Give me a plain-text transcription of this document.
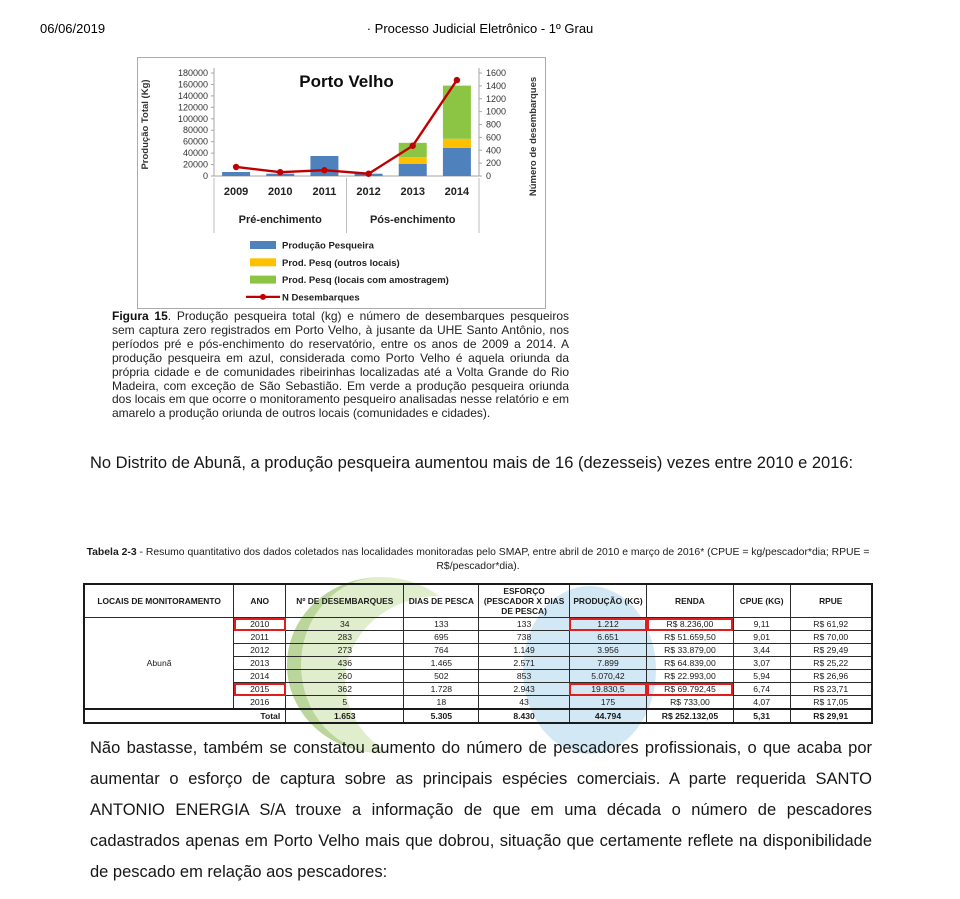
06/06/2019	· Processo Judicial Eletrônico - 1º Grau
0
20000
40000
60000
80000
100000
120000
140000
160000
180000
0
200
400
600
800
1000
1200
1400
1600
Porto Velho
Produção Total (Kg)	Número de desembarques
2009 2010 2011 2012 2013 2014
Pré-enchimento	Pós-enchimento
Produção Pesqueira
Prod. Pesq (outros locais)
Prod. Pesq (locais com amostragem)
N Desembarques
Figura 15. Produção pesqueira total (kg) e número de desembarques pesqueiros sem captura zero registrados em Porto Velho, à jusante da UHE Santo Antônio, nos períodos pré e pós-enchimento do reservatório, entre os anos de 2009 a 2014. A produção pesqueira em azul, considerada como Porto Velho é aquela oriunda da própria cidade e de comunidades ribeirinhas localizadas até a Volta Grande do Rio Madeira, com exceção de São Sebastião. Em verde a produção pesqueira oriunda dos locais em que ocorre o monitoramento pesqueiro analisadas nesse relatório e em amarelo a produção oriunda de outros locais (comunidades e cidades).
No Distrito de Abunã, a produção pesqueira aumentou mais de 16 (dezesseis) vezes entre 2010 e 2016:
Tabela 2-3 - Resumo quantitativo dos dados coletados nas localidades monitoradas pelo SMAP, entre abril de 2010 e março de 2016* (CPUE = kg/pescador*dia; RPUE = R$/pescador*dia).
LOCAIS DE MONITORAMENTO	ANO	Nº DE DESEMBARQUES	DIAS DE PESCA	ESFORÇO (PESCADOR X DIAS DE PESCA)	PRODUÇÃO (KG)	RENDA	CPUE (KG)	RPUE
Abunã	2010	34	133	133	1.212	R$ 8.236,00	9,11	R$ 61,92
	2011	283	695	738	6.651	R$ 51.659,50	9,01	R$ 70,00
	2012	273	764	1.149	3.956	R$ 33.879,00	3,44	R$ 29,49
	2013	436	1.465	2.571	7.899	R$ 64.839,00	3,07	R$ 25,22
	2014	260	502	853	5.070,42	R$ 22.993,00	5,94	R$ 26,96
	2015	362	1.728	2.943	19.830,5	R$ 69.792,45	6,74	R$ 23,71
	2016	5	18	43	175	R$ 733,00	4,07	R$ 17,05
Total		1.653	5.305	8.430	44.794	R$ 252.132,05	5,31	R$ 29,91
Não bastasse, também se constatou aumento do número de pescadores profissionais, o que acaba por aumentar o esforço de captura sobre as principais espécies comerciais. A parte requerida SANTO ANTONIO ENERGIA S/A trouxe a informação de que em uma década o número de pescadores cadastrados apenas em Porto Velho mais que dobrou, situação que certamente reflete na disponibilidade de pescado em relação aos pescadores:
